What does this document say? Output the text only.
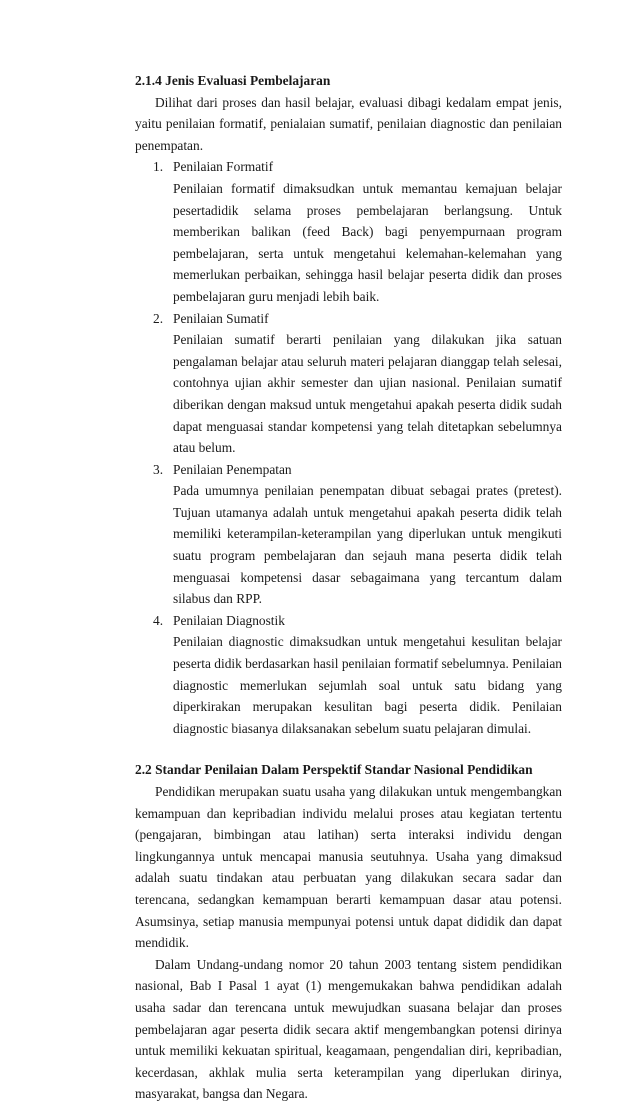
2.1.4 Jenis Evaluasi Pembelajaran

Dilihat dari proses dan hasil belajar, evaluasi dibagi kedalam empat jenis, yaitu penilaian formatif, penialaian sumatif, penilaian diagnostic dan penilaian penempatan.

1. Penilaian Formatif
Penilaian formatif dimaksudkan untuk memantau kemajuan belajar pesertadidik selama proses pembelajaran berlangsung. Untuk memberikan balikan (feed Back) bagi penyempurnaan program pembelajaran, serta untuk mengetahui kelemahan-kelemahan yang memerlukan perbaikan, sehingga hasil belajar peserta didik dan proses pembelajaran guru menjadi lebih baik.
2. Penilaian Sumatif
Penilaian sumatif berarti penilaian yang dilakukan jika satuan pengalaman belajar atau seluruh materi pelajaran dianggap telah selesai, contohnya ujian akhir semester dan ujian nasional. Penilaian sumatif diberikan dengan maksud untuk mengetahui apakah peserta didik sudah dapat menguasai standar kompetensi yang telah ditetapkan sebelumnya atau belum.
3. Penilaian Penempatan
Pada umumnya penilaian penempatan dibuat sebagai prates (pretest). Tujuan utamanya adalah untuk mengetahui apakah peserta didik telah memiliki keterampilan-keterampilan yang diperlukan untuk mengikuti suatu program pembelajaran dan sejauh mana peserta didik telah menguasai kompetensi dasar sebagaimana yang tercantum dalam silabus dan RPP.
4. Penilaian Diagnostik
Penilaian diagnostic dimaksudkan untuk mengetahui kesulitan belajar peserta didik berdasarkan hasil penilaian formatif sebelumnya. Penilaian diagnostic memerlukan sejumlah soal untuk satu bidang yang diperkirakan merupakan kesulitan bagi peserta didik. Penilaian diagnostic biasanya dilaksanakan sebelum suatu pelajaran dimulai.
2.2 Standar Penilaian Dalam Perspektif Standar Nasional Pendidikan

Pendidikan merupakan suatu usaha yang dilakukan untuk mengembangkan kemampuan dan kepribadian individu melalui proses atau kegiatan tertentu (pengajaran, bimbingan atau latihan) serta interaksi individu dengan lingkungannya untuk mencapai manusia seutuhnya. Usaha yang dimaksud adalah suatu tindakan atau perbuatan yang dilakukan secara sadar dan terencana, sedangkan kemampuan berarti kemampuan dasar atau potensi. Asumsinya, setiap manusia mempunyai potensi untuk dapat dididik dan dapat mendidik.

Dalam Undang-undang nomor 20 tahun 2003 tentang sistem pendidikan nasional, Bab I Pasal 1 ayat (1) mengemukakan bahwa pendidikan adalah usaha sadar dan terencana untuk mewujudkan suasana belajar dan proses pembelajaran agar peserta didik secara aktif mengembangkan potensi dirinya untuk memiliki kekuatan spiritual, keagamaan, pengendalian diri, kepribadian, kecerdasan, akhlak mulia serta keterampilan yang diperlukan dirinya, masyarakat, bangsa dan Negara.
